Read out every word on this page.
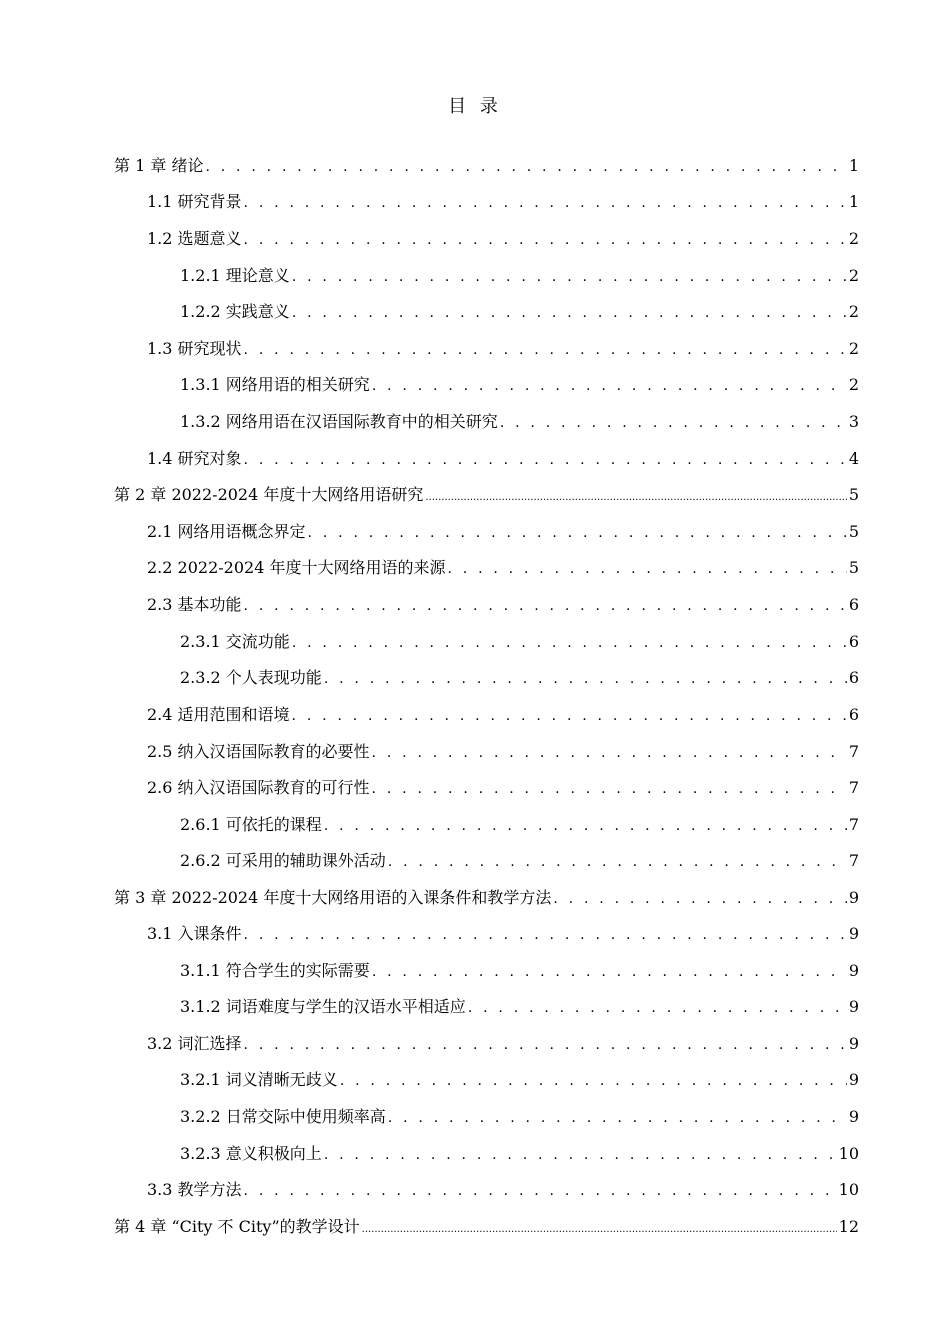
目 录
第 1 章 绪论 . . .	1
1.1 研究背景 . . .	1
1.2 选题意义 . . .	2
1.2.1 理论意义 . . .	2
1.2.2 实践意义 . . .	2
1.3 研究现状 . . .	2
1.3.1 网络用语的相关研究 . . .	2
1.3.2 网络用语在汉语国际教育中的相关研究 . . .	3
1.4 研究对象 . . .	4
第 2 章 2022-2024 年度十大网络用语研究 .....	5
2.1 网络用语概念界定 . . .	5
2.2 2022-2024 年度十大网络用语的来源 . . .	5
2.3 基本功能 . . .	6
2.3.1 交流功能 . . .	6
2.3.2 个人表现功能 . . .	6
2.4 适用范围和语境 . . .	6
2.5 纳入汉语国际教育的必要性 . . .	7
2.6 纳入汉语国际教育的可行性 . . .	7
2.6.1 可依托的课程 . . .	7
2.6.2 可采用的辅助课外活动 . . .	7
第 3 章 2022-2024 年度十大网络用语的入课条件和教学方法 . . .	9
3.1 入课条件 . . .	9
3.1.1 符合学生的实际需要 . . .	9
3.1.2 词语难度与学生的汉语水平相适应 . . .	9
3.2 词汇选择 . . .	9
3.2.1 词义清晰无歧义 . . .	9
3.2.2 日常交际中使用频率高 . . .	9
3.2.3 意义积极向上 . . .	10
3.3 教学方法 . . .	10
第 4 章 “City 不 City”的教学设计 .....	12
